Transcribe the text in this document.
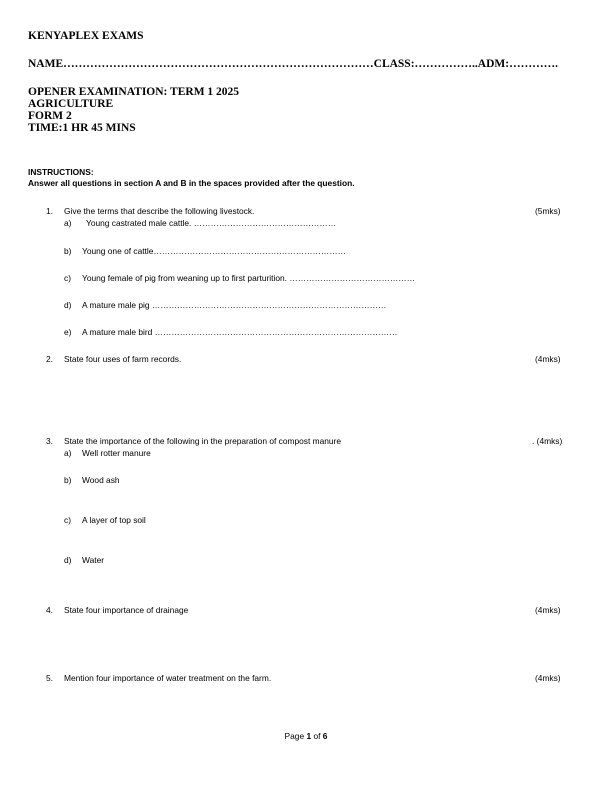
KENYAPLEX EXAMS
NAME………………………………………………………………………CLASS:……………..ADM:………….
OPENER EXAMINATION: TERM 1 2025
AGRICULTURE
FORM 2
TIME:1 HR 45 MINS
INSTRUCTIONS:
Answer all questions in section A and B in the spaces provided after the question.
1. Give the terms that describe the following livestock.	(5mks)
a) Young castrated male cattle. ……………………………………………
b) Young one of cattle……………………………………………………………
c) Young female of pig from weaning up to first parturition. ………………………………………
d) A mature male pig …………………………………………………………………………
e) A mature male bird ……………………………………………………………………………
2. State four uses of farm records.	(4mks)
3. State the importance of the following in the preparation of compost manure	. (4mks)
a) Well rotter manure
b) Wood ash
c) A layer of top soil
d) Water
4. State four importance of drainage	(4mks)
5. Mention four importance of water treatment on the farm.	(4mks)
Page 1 of 6
